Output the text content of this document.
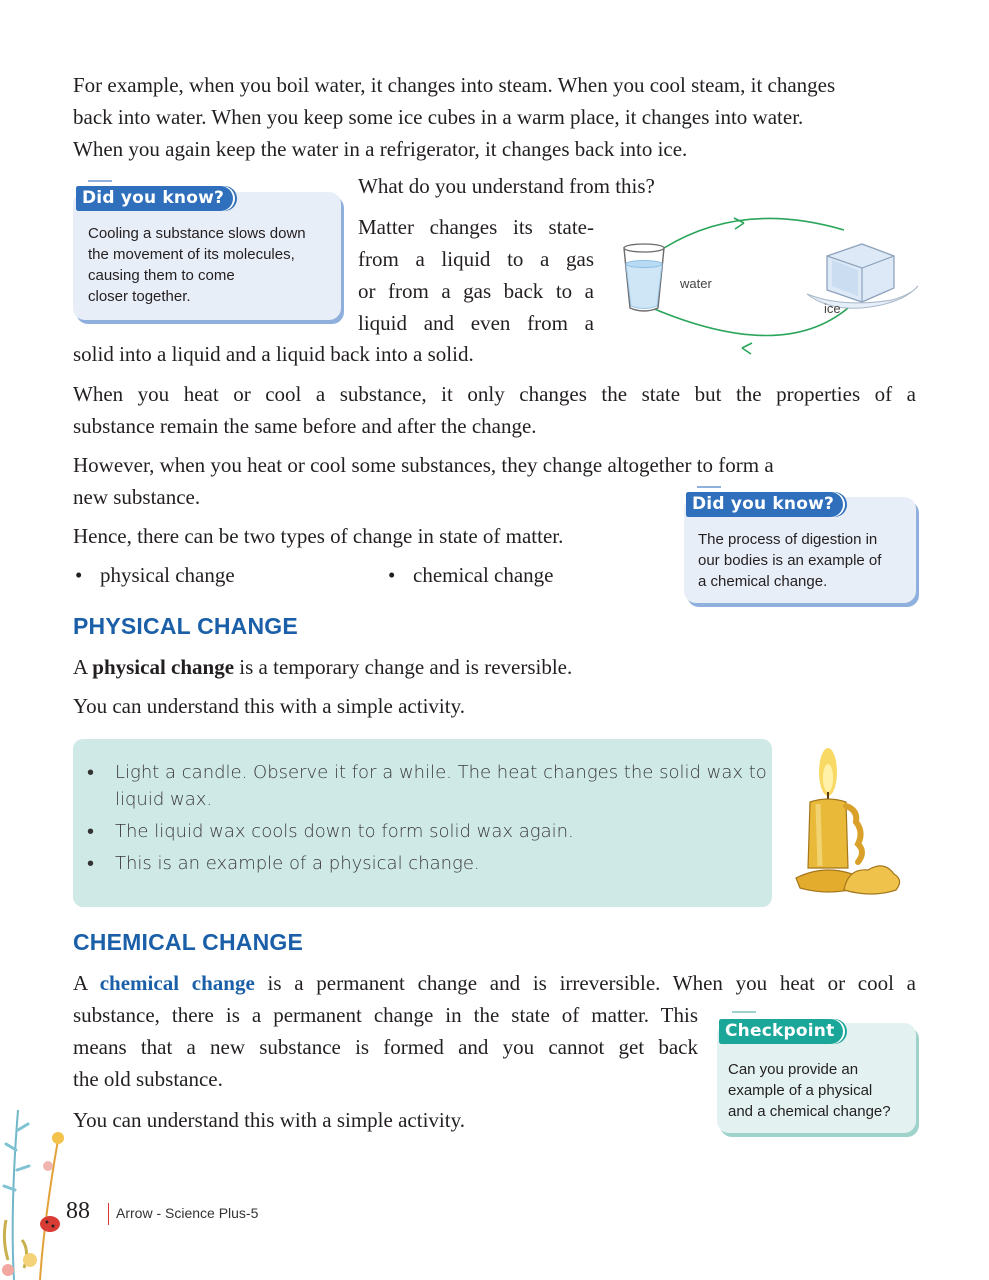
For example, when you boil water, it changes into steam. When you cool steam, it changes
back into water. When you keep some ice cubes in a warm place, it changes into water.
When you again keep the water in a refrigerator, it changes back into ice.
Did you know?
Cooling a substance slows down
the movement of its molecules,
causing them to come
closer together.
What do you understand from this?
Matter changes its state-
from a liquid to a gas
or from a gas back to a
liquid and even from a
solid into a liquid and a liquid back into a solid.
water
ice
When you heat or cool a substance, it only changes the state but the properties of a
substance remain the same before and after the change.
However, when you heat or cool some substances, they change altogether to form a
new substance.
Hence, there can be two types of change in state of matter.
• physical change	• chemical change
Did you know?
The process of digestion in
our bodies is an example of
a chemical change.
PHYSICAL CHANGE
A physical change is a temporary change and is reversible.
You can understand this with a simple activity.
• Light a candle. Observe it for a while. The heat changes the solid wax to
liquid wax.
• The liquid wax cools down to form solid wax again.
• This is an example of a physical change.
CHEMICAL CHANGE
A chemical change is a permanent change and is irreversible. When you heat or cool a
substance, there is a permanent change in the state of matter. This
means that a new substance is formed and you cannot get back
the old substance.
You can understand this with a simple activity.
Checkpoint
Can you provide an
example of a physical
and a chemical change?
88 Arrow - Science Plus-5
